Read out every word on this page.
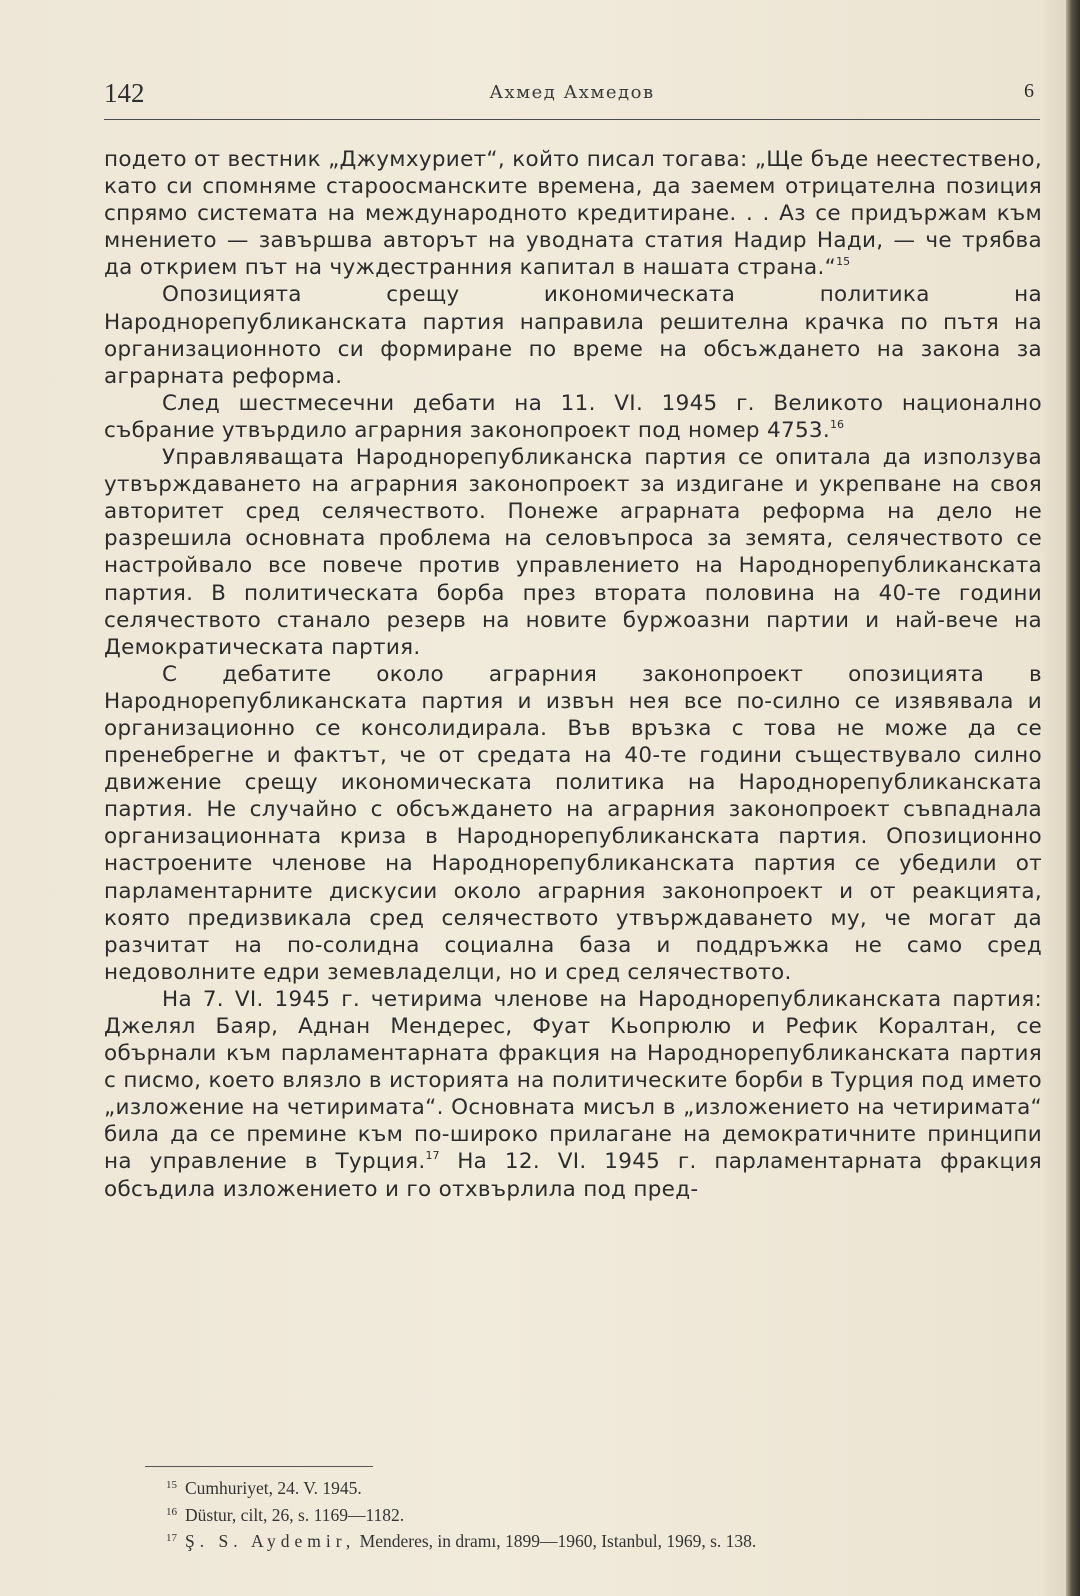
142	Ахмед Ахмедов	6

подето от вестник „Джумхуриет“, който писал тогава: „Ще бъде неестествено, като си спомняме староосманските времена, да заемем отрицателна позиция спрямо системата на международното кредитиране. . . Аз се придържам към мнението — завършва авторът на уводната статия Надир Нади, — че трябва да открием път на чуждестранния капитал в нашата страна.“$^{15}$

Опозицията срещу икономическата политика на Народнорепубликанската партия направила решителна крачка по пътя на организационното си формиране по време на обсъждането на закона за аграрната реформа.

След шестмесечни дебати на 11. VI. 1945 г. Великото национално събрание утвърдило аграрния законопроект под номер 4753.16

Управляващата Народнорепубликанска партия се опитала да използува утвърждаването на аграрния законопроект за издигане и укрепване на своя авторитет сред селячеството. Понеже аграрната реформа на дело не разрешила основната проблема на селовъпроса за земята, селячеството се настройвало все повече против управлението на Народнорепубликанската партия. В политическата борба през втората половина на 40-те години селячеството станало резерв на новите буржоазни партии и най-вече на Демократическата партия.

С дебатите около аграрния законопроект опозицията в Народнорепубликанската партия и извън нея все по-силно се изявявала и организационно се консолидирала. Във връзка с това не може да се пренебрегне и фактът, че от средата на 40-те години съществувало силно движение срещу икономическата политика на Народнорепубликанската партия. Не случайно с обсъждането на аграрния законопроект съвпаднала организационната криза в Народнорепубликанската партия. Опозиционно настроените членове на Народнорепубликанската партия се убедили от парламентарните дискусии около аграрния законопроект и от реакцията, която предизвикала сред селячеството утвърждаването му, че могат да разчитат на по-солидна социална база и поддръжка не само сред недоволните едри земевладелци, но и сред селячеството.

На 7. VI. 1945 г. четирима членове на Народнорепубликанската партия: Джелял Баяр, Аднан Мендерес, Фуат Кьопрюлю и Рефик Коралтан, се обърнали към парламентарната фракция на Народнорепубликанската партия с писмо, което влязло в историята на политическите борби в Турция под името „изложение на четиримата“. Основната мисъл в „изложението на четиримата“ била да се премине към по-широко прилагане на демократичните принципи на управление в Турция.$^{17}$ На 12. VI. 1945 г. парламентарната фракция обсъдила изложението и го отхвърлила под пред-

$^{15}$ Cumhuriyet, 24. V. 1945.
$^{16}$ Düstur, cilt, 26, s. 1169—1182.
$^{17}$ Ş. S. Aydemir, Menderes, in dramı, 1899—1960, Istanbul, 1969, s. 138.
